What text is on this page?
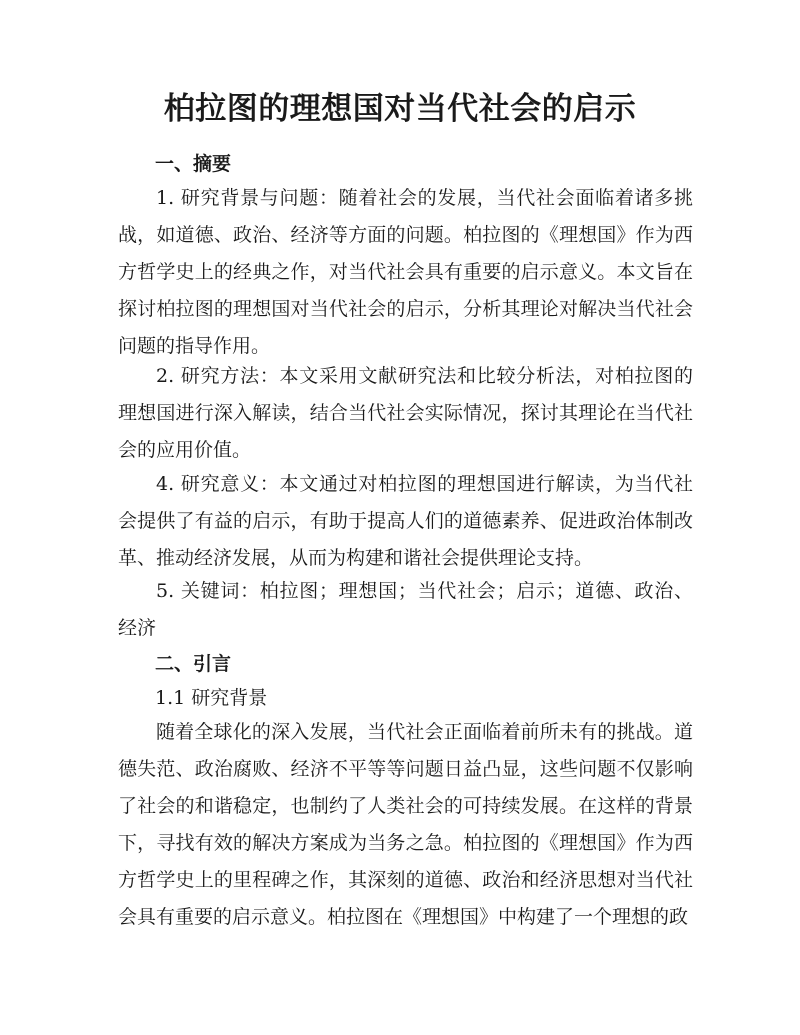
柏拉图的理想国对当代社会的启示
一、摘要
1. 研究背景与问题：随着社会的发展，当代社会面临着诸多挑战，如道德、政治、经济等方面的问题。柏拉图的《理想国》作为西方哲学史上的经典之作，对当代社会具有重要的启示意义。本文旨在探讨柏拉图的理想国对当代社会的启示，分析其理论对解决当代社会问题的指导作用。
2. 研究方法：本文采用文献研究法和比较分析法，对柏拉图的理想国进行深入解读，结合当代社会实际情况，探讨其理论在当代社会的应用价值。
4. 研究意义：本文通过对柏拉图的理想国进行解读，为当代社会提供了有益的启示，有助于提高人们的道德素养、促进政治体制改革、推动经济发展，从而为构建和谐社会提供理论支持。
5. 关键词：柏拉图；理想国；当代社会；启示；道德、政治、经济
二、引言
1.1 研究背景
随着全球化的深入发展，当代社会正面临着前所未有的挑战。道德失范、政治腐败、经济不平等等问题日益凸显，这些问题不仅影响了社会的和谐稳定，也制约了人类社会的可持续发展。在这样的背景下，寻找有效的解决方案成为当务之急。柏拉图的《理想国》作为西方哲学史上的里程碑之作，其深刻的道德、政治和经济思想对当代社会具有重要的启示意义。柏拉图在《理想国》中构建了一个理想的政
